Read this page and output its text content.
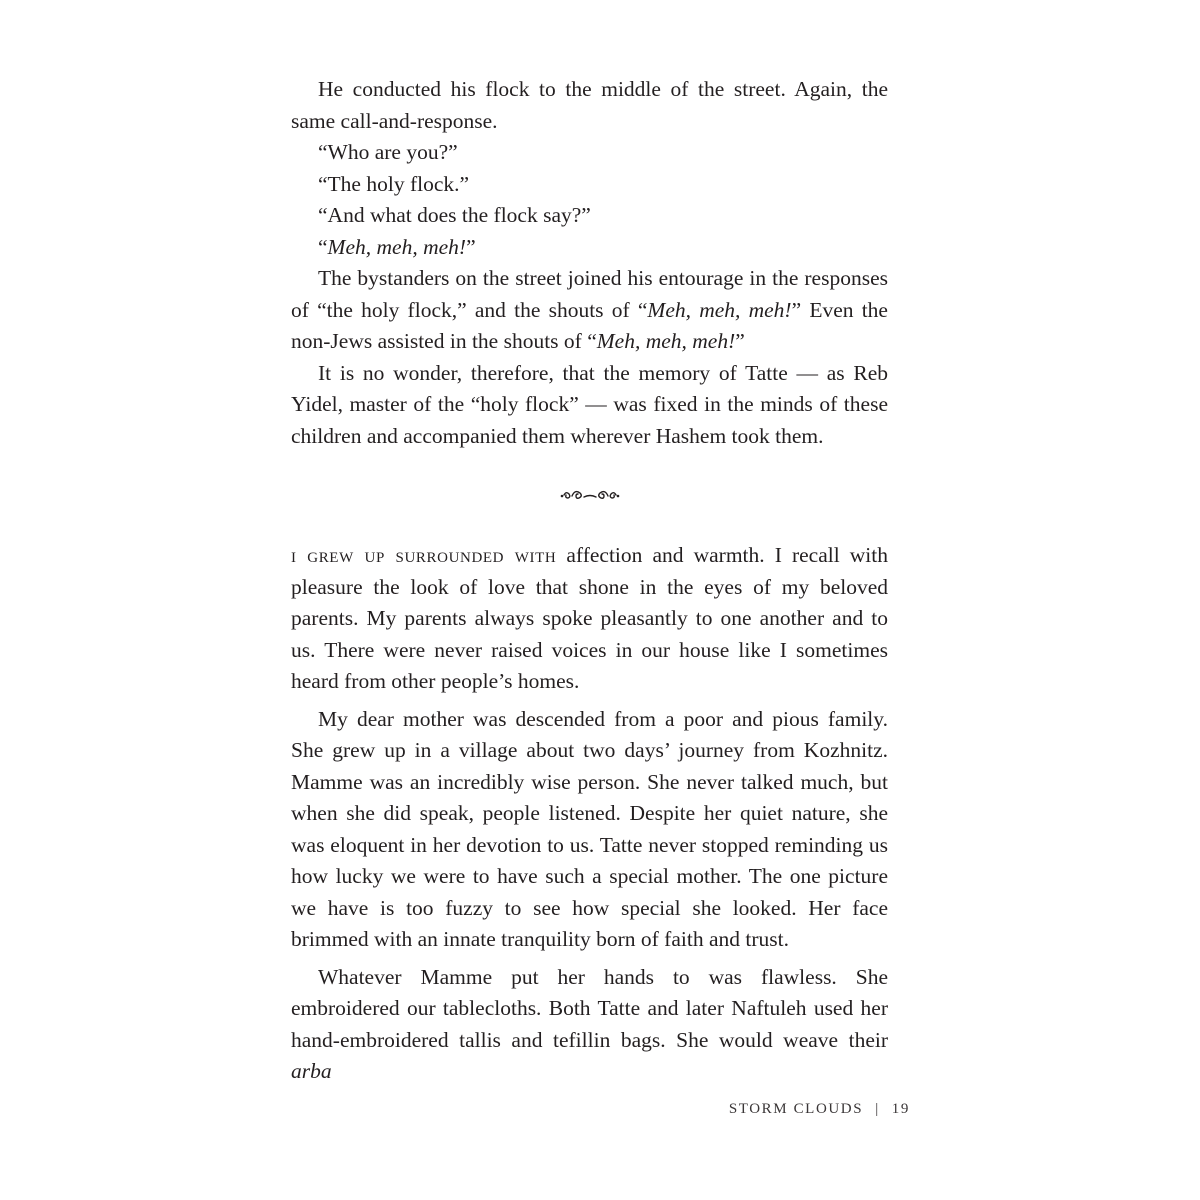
He conducted his flock to the middle of the street. Again, the same call-and-response.

“Who are you?”

“The holy flock.”

“And what does the flock say?”

“Meh, meh, meh!”

The bystanders on the street joined his entourage in the responses of “the holy flock,” and the shouts of “Meh, meh, meh!” Even the non-Jews assisted in the shouts of “Meh, meh, meh!”

It is no wonder, therefore, that the memory of Tatte — as Reb Yidel, master of the “holy flock” — was fixed in the minds of these children and accompanied them wherever Hashem took them.

i grew up surrounded with affection and warmth. I recall with pleasure the look of love that shone in the eyes of my beloved parents. My parents always spoke pleasantly to one another and to us. There were never raised voices in our house like I sometimes heard from other people’s homes.

My dear mother was descended from a poor and pious family. She grew up in a village about two days’ journey from Kozhnitz. Mamme was an incredibly wise person. She never talked much, but when she did speak, people listened. Despite her quiet nature, she was eloquent in her devotion to us. Tatte never stopped reminding us how lucky we were to have such a special mother. The one picture we have is too fuzzy to see how special she looked. Her face brimmed with an innate tranquility born of faith and trust.

Whatever Mamme put her hands to was flawless. She embroidered our tablecloths. Both Tatte and later Naftuleh used her hand-embroidered tallis and tefillin bags. She would weave their arba

STORM CLOUDS | 19
